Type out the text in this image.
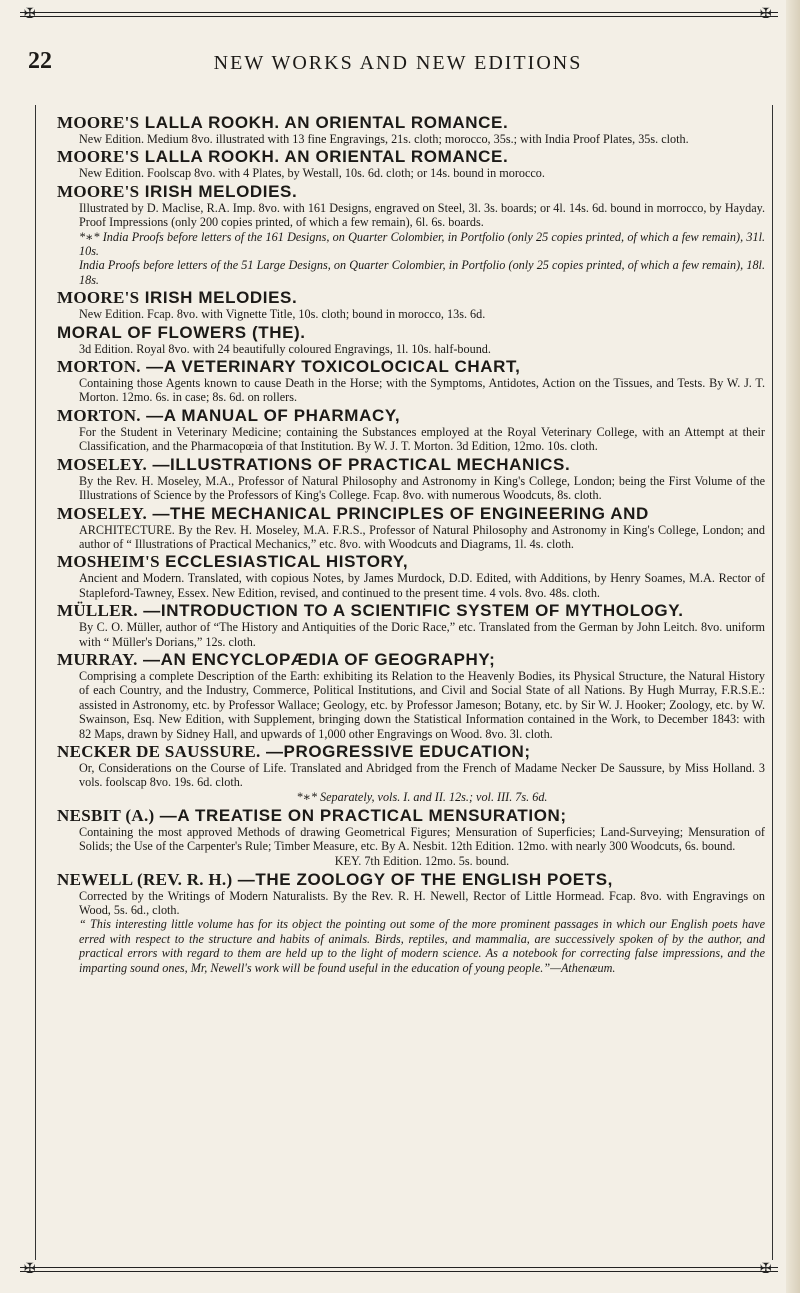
✠	✠
22	NEW WORKS AND NEW EDITIONS
MOORE'S LALLA ROOKH. AN ORIENTAL ROMANCE.
New Edition. Medium 8vo. illustrated with 13 fine Engravings, 21s. cloth; morocco, 35s.; with India Proof Plates, 35s. cloth.
MOORE'S LALLA ROOKH. AN ORIENTAL ROMANCE.
New Edition. Foolscap 8vo. with 4 Plates, by Westall, 10s. 6d. cloth; or 14s. bound in morocco.
MOORE'S IRISH MELODIES.
Illustrated by D. Maclise, R.A. Imp. 8vo. with 161 Designs, engraved on Steel, 3l. 3s. boards; or 4l. 14s. 6d. bound in morrocco, by Hayday. Proof Impressions (only 200 copies printed, of which a few remain), 6l. 6s. boards.
*∗* India Proofs before letters of the 161 Designs, on Quarter Colombier, in Portfolio (only 25 copies printed, of which a few remain), 31l. 10s.
India Proofs before letters of the 51 Large Designs, on Quarter Colombier, in Portfolio (only 25 copies printed, of which a few remain), 18l. 18s.
MOORE'S IRISH MELODIES.
New Edition. Fcap. 8vo. with Vignette Title, 10s. cloth; bound in morocco, 13s. 6d.
MORAL OF FLOWERS (THE).
3d Edition. Royal 8vo. with 24 beautifully coloured Engravings, 1l. 10s. half-bound.
MORTON. —A VETERINARY TOXICOLOCICAL CHART,
Containing those Agents known to cause Death in the Horse; with the Symptoms, Antidotes, Action on the Tissues, and Tests. By W. J. T. Morton. 12mo. 6s. in case; 8s. 6d. on rollers.
MORTON. —A MANUAL OF PHARMACY,
For the Student in Veterinary Medicine; containing the Substances employed at the Royal Veterinary College, with an Attempt at their Classification, and the Pharmacopœia of that Institution. By W. J. T. Morton. 3d Edition, 12mo. 10s. cloth.
MOSELEY. —ILLUSTRATIONS OF PRACTICAL MECHANICS.
By the Rev. H. Moseley, M.A., Professor of Natural Philosophy and Astronomy in King's College, London; being the First Volume of the Illustrations of Science by the Professors of King's College. Fcap. 8vo. with numerous Woodcuts, 8s. cloth.
MOSELEY. —THE MECHANICAL PRINCIPLES OF ENGINEERING AND
ARCHITECTURE. By the Rev. H. Moseley, M.A. F.R.S., Professor of Natural Philosophy and Astronomy in King's College, London; and author of “ Illustrations of Practical Mechanics,” etc. 8vo. with Woodcuts and Diagrams, 1l. 4s. cloth.
MOSHEIM'S ECCLESIASTICAL HISTORY,
Ancient and Modern. Translated, with copious Notes, by James Murdock, D.D. Edited, with Additions, by Henry Soames, M.A. Rector of Stapleford-Tawney, Essex. New Edition, revised, and continued to the present time. 4 vols. 8vo. 48s. cloth.
MÜLLER. —INTRODUCTION TO A SCIENTIFIC SYSTEM OF MYTHOLOGY.
By C. O. Müller, author of “The History and Antiquities of the Doric Race,” etc. Translated from the German by John Leitch. 8vo. uniform with “ Müller's Dorians,” 12s. cloth.
MURRAY. —AN ENCYCLOPÆDIA OF GEOGRAPHY;
Comprising a complete Description of the Earth: exhibiting its Relation to the Heavenly Bodies, its Physical Structure, the Natural History of each Country, and the Industry, Commerce, Political Institutions, and Civil and Social State of all Nations. By Hugh Murray, F.R.S.E.: assisted in Astronomy, etc. by Professor Wallace; Geology, etc. by Professor Jameson; Botany, etc. by Sir W. J. Hooker; Zoology, etc. by W. Swainson, Esq. New Edition, with Supplement, bringing down the Statistical Information contained in the Work, to December 1843: with 82 Maps, drawn by Sidney Hall, and upwards of 1,000 other Engravings on Wood. 8vo. 3l. cloth.
NECKER DE SAUSSURE. —PROGRESSIVE EDUCATION;
Or, Considerations on the Course of Life. Translated and Abridged from the French of Madame Necker De Saussure, by Miss Holland. 3 vols. foolscap 8vo. 19s. 6d. cloth.
*∗* Separately, vols. I. and II. 12s.; vol. III. 7s. 6d.
NESBIT (A.) —A TREATISE ON PRACTICAL MENSURATION;
Containing the most approved Methods of drawing Geometrical Figures; Mensuration of Superficies; Land-Surveying; Mensuration of Solids; the Use of the Carpenter's Rule; Timber Measure, etc. By A. Nesbit. 12th Edition. 12mo. with nearly 300 Woodcuts, 6s. bound.
KEY. 7th Edition. 12mo. 5s. bound.
NEWELL (REV. R. H.) —THE ZOOLOGY OF THE ENGLISH POETS,
Corrected by the Writings of Modern Naturalists. By the Rev. R. H. Newell, Rector of Little Hormead. Fcap. 8vo. with Engravings on Wood, 5s. 6d., cloth.
“ This interesting little volume has for its object the pointing out some of the more prominent passages in which our English poets have erred with respect to the structure and habits of animals. Birds, reptiles, and mammalia, are successively spoken of by the author, and practical errors with regard to them are held up to the light of modern science. As a notebook for correcting false impressions, and the imparting sound ones, Mr, Newell's work will be found useful in the education of young people.”—Athenæum.
✠	✠
